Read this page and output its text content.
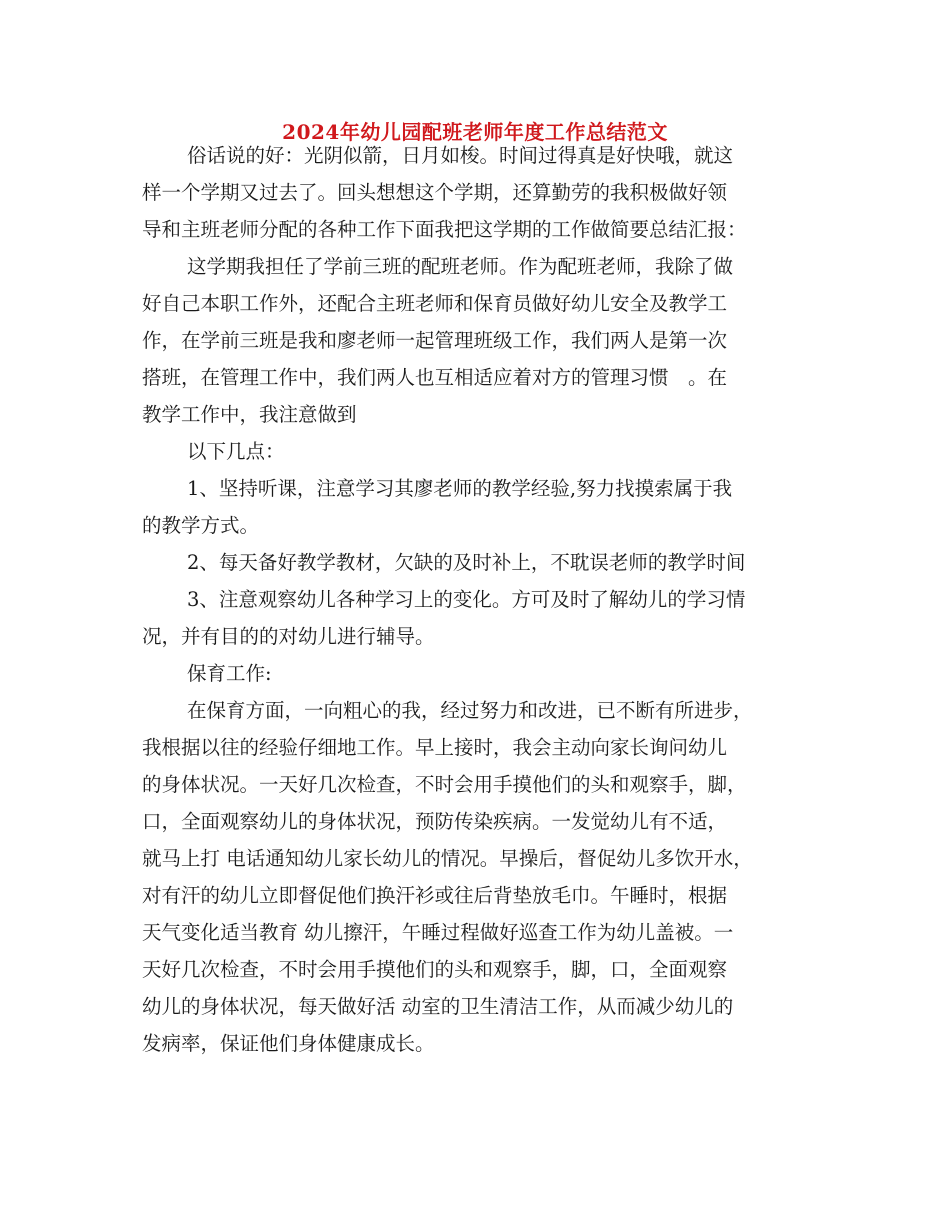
2024年幼儿园配班老师年度工作总结范文
俗话说的好：光阴似箭，日月如梭。时间过得真是好快哦，就这
样一个学期又过去了。回头想想这个学期，还算勤劳的我积极做好领
导和主班老师分配的各种工作下面我把这学期的工作做简要总结汇报：
这学期我担任了学前三班的配班老师。作为配班老师，我除了做
好自己本职工作外，还配合主班老师和保育员做好幼儿安全及教学工
作，在学前三班是我和廖老师一起管理班级工作，我们两人是第一次
搭班，在管理工作中，我们两人也互相适应着对方的管理习惯　。在
教学工作中，我注意做到
以下几点：
1、坚持听课，注意学习其廖老师的教学经验,努力找摸索属于我
的教学方式。
2、每天备好教学教材，欠缺的及时补上，不耽误老师的教学时间
3、注意观察幼儿各种学习上的变化。方可及时了解幼儿的学习情
况，并有目的的对幼儿进行辅导。
保育工作:
在保育方面，一向粗心的我，经过努力和改进，已不断有所进步，
我根据以往的经验仔细地工作。早上接时，我会主动向家长询问幼儿
的身体状况。一天好几次检查，不时会用手摸他们的头和观察手，脚，
口，全面观察幼儿的身体状况，预防传染疾病。一发觉幼儿有不适，
就马上打 电话通知幼儿家长幼儿的情况。早操后，督促幼儿多饮开水，
对有汗的幼儿立即督促他们换汗衫或往后背垫放毛巾。午睡时，根据
天气变化适当教育 幼儿擦汗，午睡过程做好巡查工作为幼儿盖被。一
天好几次检查，不时会用手摸他们的头和观察手，脚，口，全面观察
幼儿的身体状况，每天做好活 动室的卫生清洁工作，从而减少幼儿的
发病率，保证他们身体健康成长。
